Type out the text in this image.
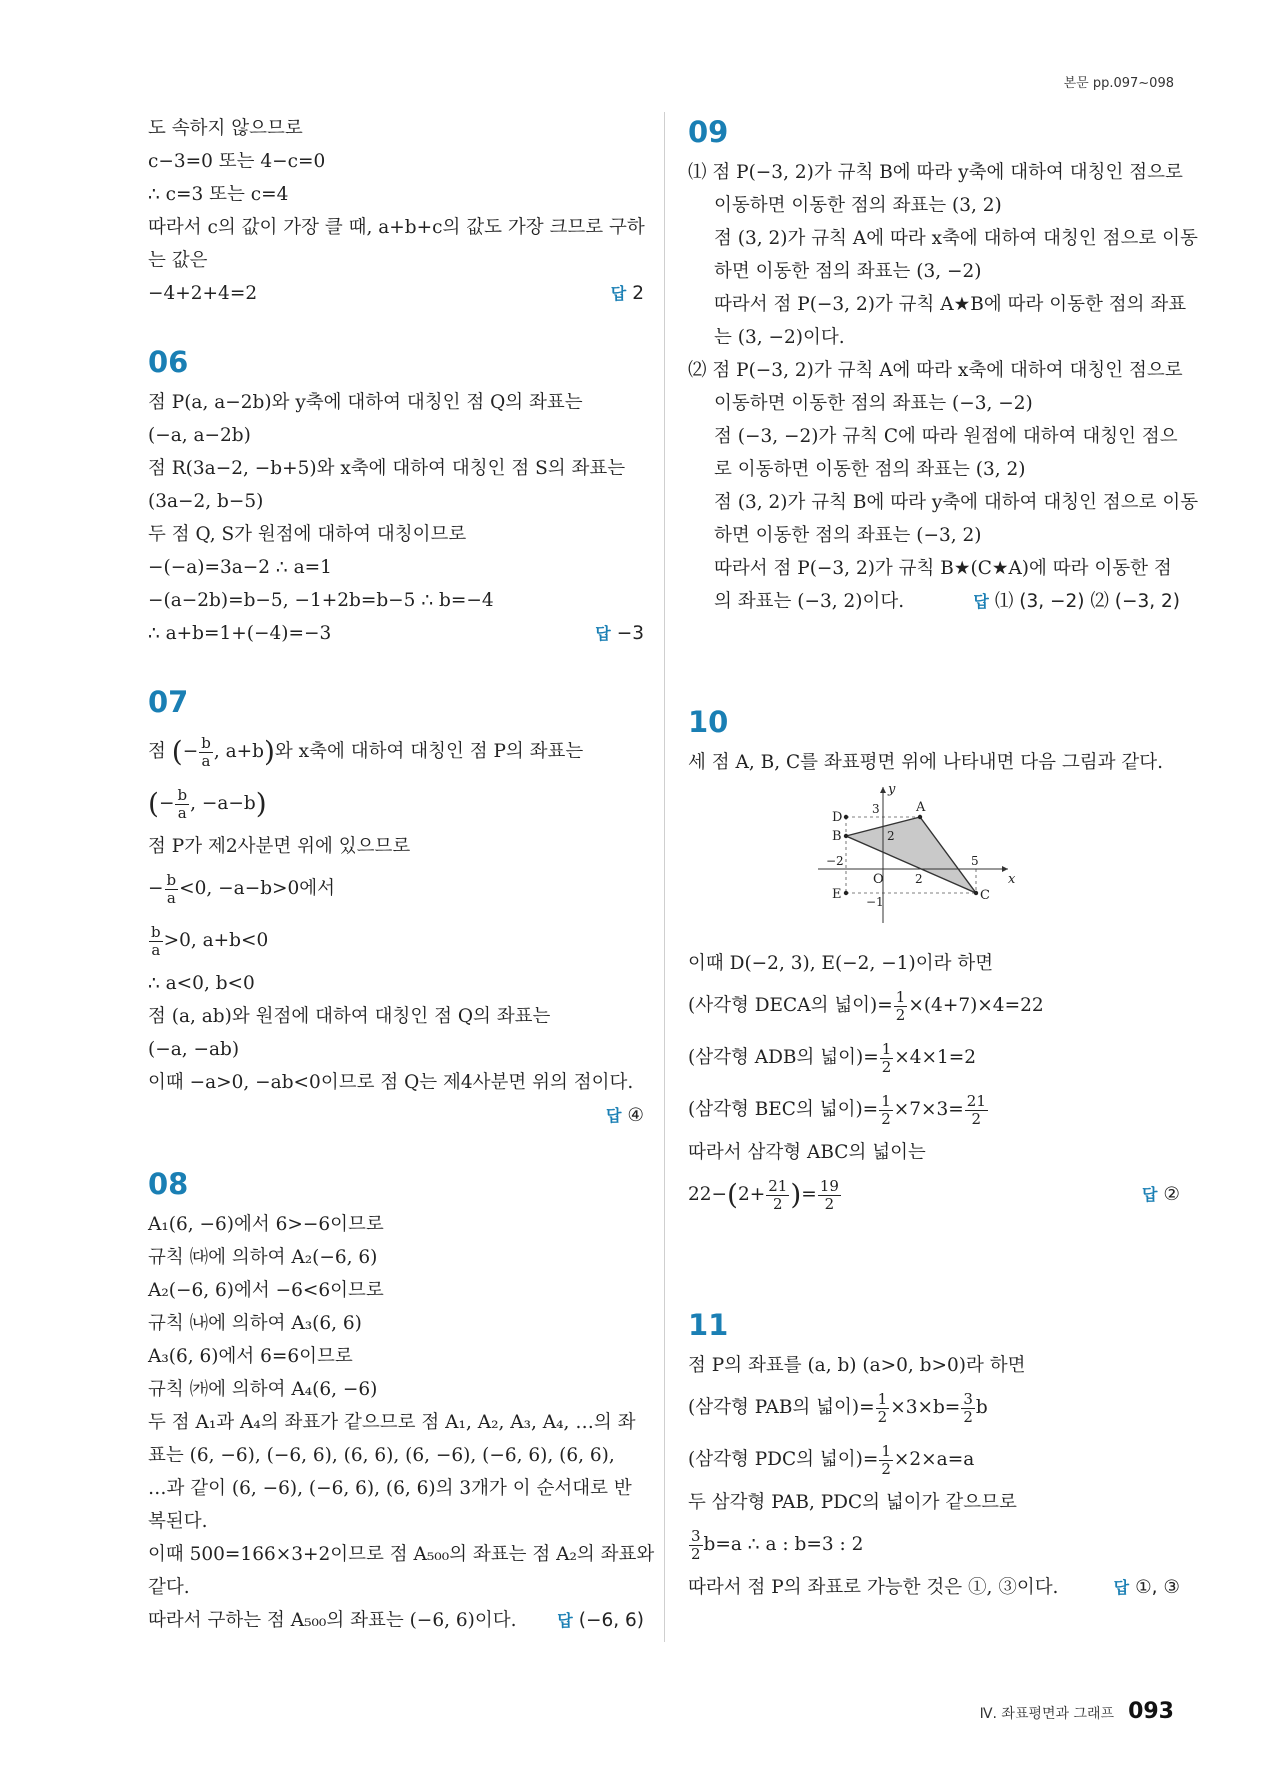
본문 pp.097~098
도 속하지 않으므로
c−3=0 또는 4−c=0
∴ c=3 또는 c=4
따라서 c의 값이 가장 클 때, a+b+c의 값도 가장 크므로 구하
는 값은
−4+2+4=2	답 2
06
점 P(a, a−2b)와 y축에 대하여 대칭인 점 Q의 좌표는
(−a, a−2b)
점 R(3a−2, −b+5)와 x축에 대하여 대칭인 점 S의 좌표는
(3a−2, b−5)
두 점 Q, S가 원점에 대하여 대칭이므로
−(−a)=3a−2 ∴ a=1
−(a−2b)=b−5, −1+2b=b−5 ∴ b=−4
∴ a+b=1+(−4)=−3	답 −3
07
점 (− $\frac{b}{a}$ , a+b)와 x축에 대하여 대칭인 점 P의 좌표는
(− $\frac{b}{a}$ , −a−b)
점 P가 제2사분면 위에 있으므로
− $\frac{b}{a} <0$, −a−b>0에서
$\frac{b}{a} >0$, a+b<0
∴ a<0, b<0
점 (a, ab)와 원점에 대하여 대칭인 점 Q의 좌표는
(−a, −ab)
이때 −a>0, −ab<0이므로 점 Q는 제4사분면 위의 점이다.
답 ④
08
A₁(6, −6)에서 6>−6이므로
규칙 ㈐에 의하여 A₂(−6, 6)
A₂(−6, 6)에서 −6<6이므로
규칙 ㈏에 의하여 A₃(6, 6)
A₃(6, 6)에서 6=6이므로
규칙 ㈎에 의하여 A₄(6, −6)
두 점 A₁과 A₄의 좌표가 같으므로 점 A₁, A₂, A₃, A₄, …의 좌
표는 (6, −6), (−6, 6), (6, 6), (6, −6), (−6, 6), (6, 6),
…과 같이 (6, −6), (−6, 6), (6, 6)의 3개가 이 순서대로 반
복된다.
이때 500=166×3+2이므로 점 A₅₀₀의 좌표는 점 A₂의 좌표와
같다.
따라서 구하는 점 A₅₀₀의 좌표는 (−6, 6)이다.	답 (−6, 6)
09
⑴ 점 P(−3, 2)가 규칙 B에 따라 y축에 대하여 대칭인 점으로
이동하면 이동한 점의 좌표는 (3, 2)
점 (3, 2)가 규칙 A에 따라 x축에 대하여 대칭인 점으로 이동
하면 이동한 점의 좌표는 (3, −2)
따라서 점 P(−3, 2)가 규칙 A★B에 따라 이동한 점의 좌표
는 (3, −2)이다.
⑵ 점 P(−3, 2)가 규칙 A에 따라 x축에 대하여 대칭인 점으로
이동하면 이동한 점의 좌표는 (−3, −2)
점 (−3, −2)가 규칙 C에 따라 원점에 대하여 대칭인 점으
로 이동하면 이동한 점의 좌표는 (3, 2)
점 (3, 2)가 규칙 B에 따라 y축에 대하여 대칭인 점으로 이동
하면 이동한 점의 좌표는 (−3, 2)
따라서 점 P(−3, 2)가 규칙 B★(C★A)에 따라 이동한 점
의 좌표는 (−3, 2)이다.	답 ⑴ (3, −2) ⑵ (−3, 2)
10
세 점 A, B, C를 좌표평면 위에 나타내면 다음 그림과 같다.
y
x
O
A
B
C
D
E
3
2
−2
2
5
−1
이때 D(−2, 3), E(−2, −1)이라 하면
(사각형 DECA의 넓이)= $\frac{1}{2} \times(4+7)\times 4=22$
(삼각형 ADB의 넓이)= $\frac{1}{2} \times 4\times 1=2$
(삼각형 BEC의 넓이)= $\frac{1}{2} \times 7\times 3= \frac{21}{2}$
따라서 삼각형 ABC의 넓이는
$22-(2+ \frac{21}{2}$ )= $\frac{19}{2}$	답 ②
11
점 P의 좌표를 (a, b) (a>0, b>0)라 하면
(삼각형 PAB의 넓이)= $\frac{1}{2} \times 3\times b= \frac{3}{2}$ b
(삼각형 PDC의 넓이)= $\frac{1}{2} \times 2\times a=a$
두 삼각형 PAB, PDC의 넓이가 같으므로
$\frac{3}{2} b=a$ ∴ a : b=3 : 2
따라서 점 P의 좌표로 가능한 것은 ①, ③이다.	답 ①, ③
Ⅳ. 좌표평면과 그래프 093
